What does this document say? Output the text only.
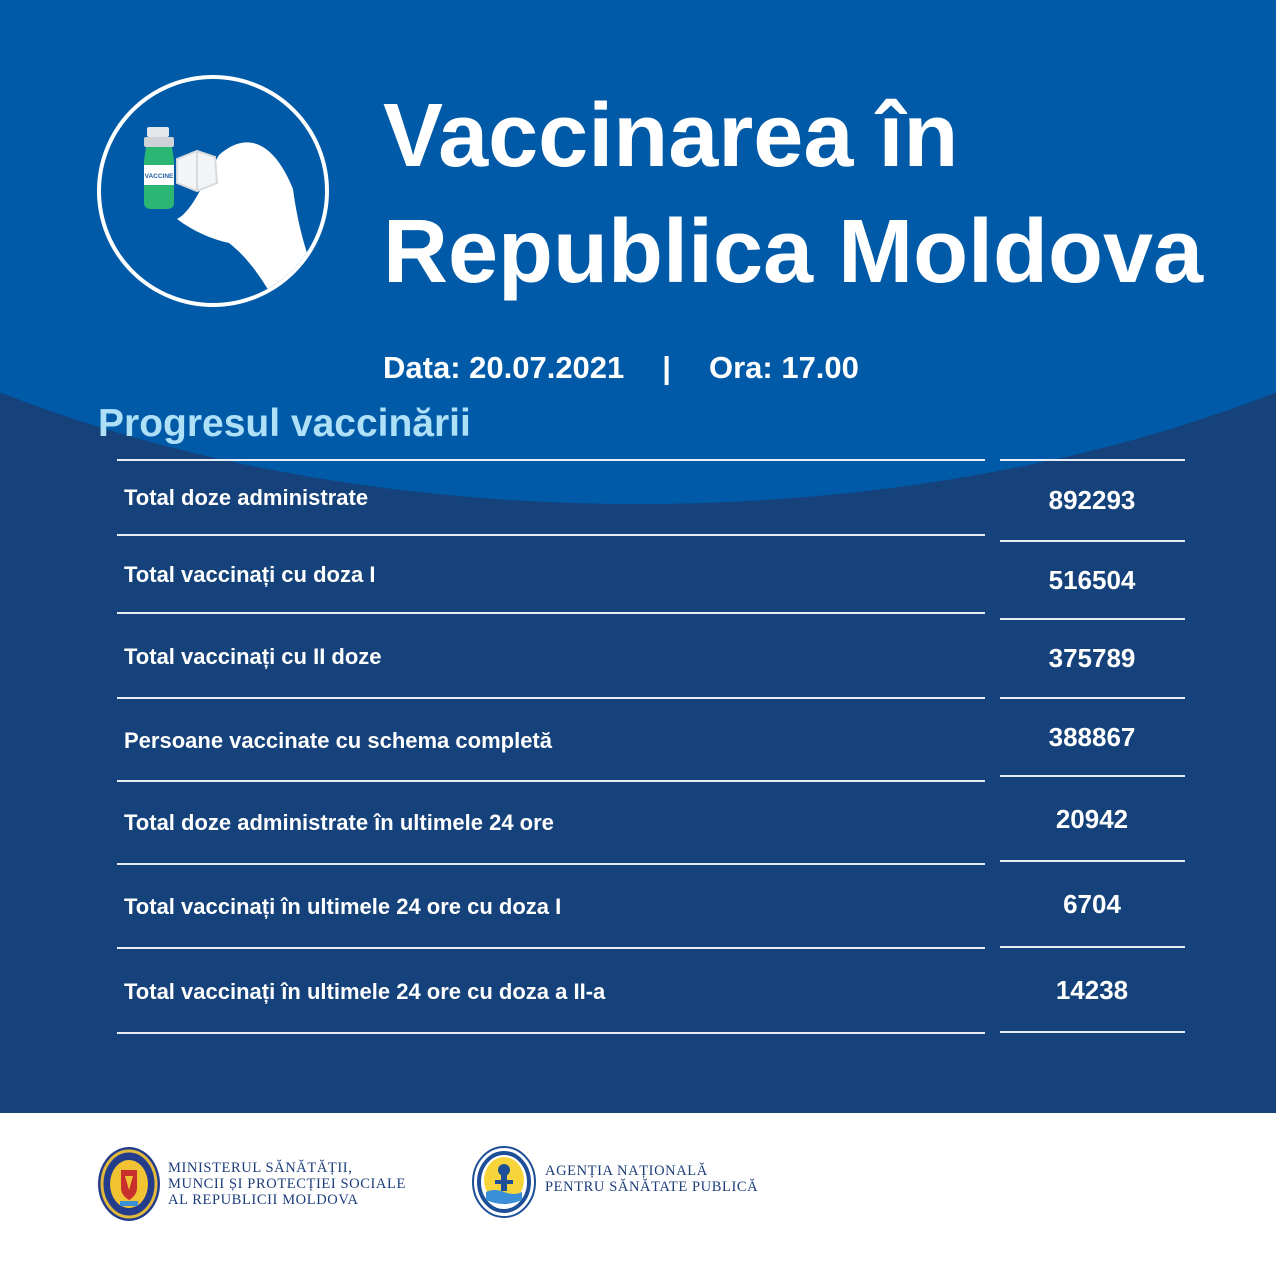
VACCINE Vaccinarea în
Republica Moldova
Data: 20.07.2021 | Ora: 17.00
Progresul vaccinării
Total doze administrate	892293
Total vaccinați cu doza I	516504
Total vaccinați cu II doze	375789
Persoane vaccinate cu schema completă	388867
Total doze administrate în ultimele 24 ore	20942
Total vaccinați în ultimele 24 ore cu doza I	6704
Total vaccinați în ultimele 24 ore cu doza a II-a	14238
MINISTERUL SĂNĂTĂȚII,
MUNCII ȘI PROTECȚIEI SOCIALE
AL REPUBLICII MOLDOVA
AGENȚIA NAȚIONALĂ
PENTRU SĂNĂTATE PUBLICĂ
